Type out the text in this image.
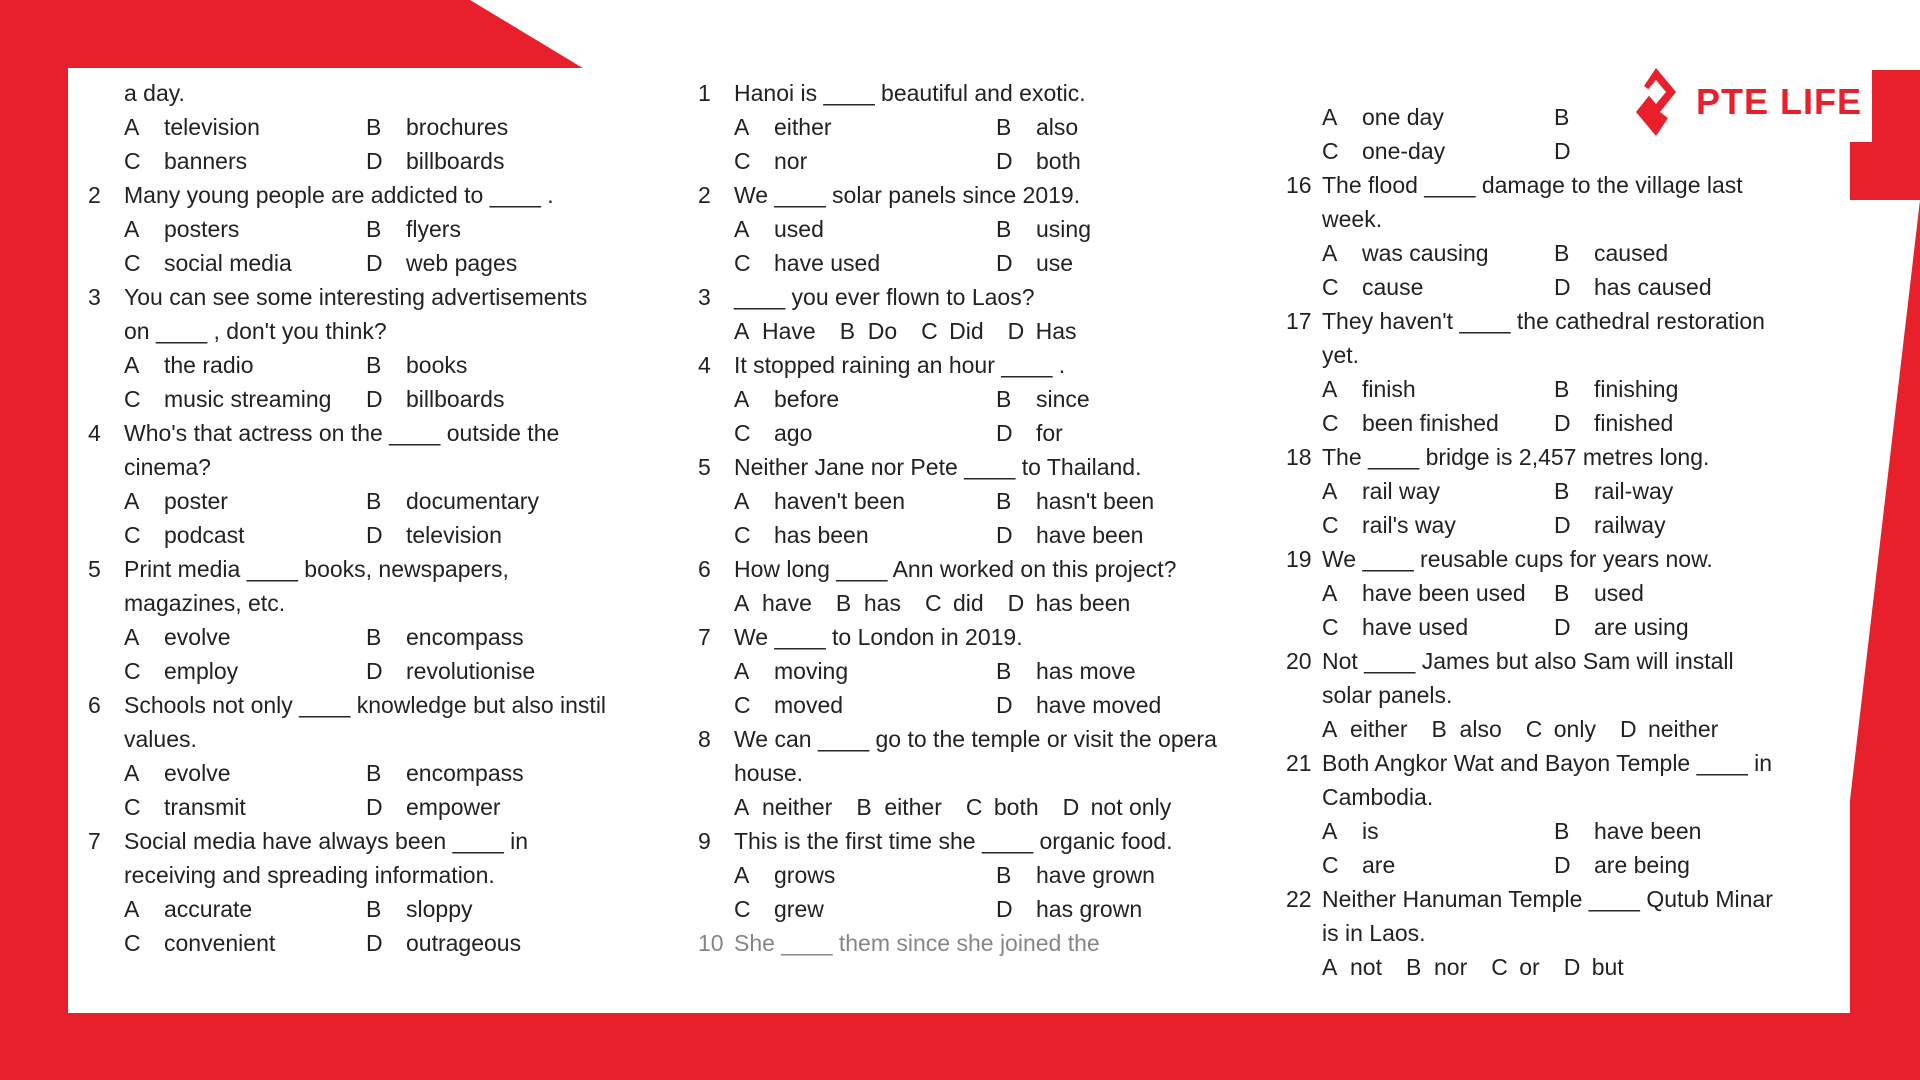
a day.
A television	B brochures
C banners	D billboards
2	Many young people are addicted to ____ .
A posters	B flyers
C social media	D web pages
3	You can see some interesting advertisements on ____ , don't you think?
A the radio	B books
C music streaming	D billboards
4	Who's that actress on the ____ outside the cinema?
A poster	B documentary
C podcast	D television
5	Print media ____ books, newspapers, magazines, etc.
A evolve	B encompass
C employ	D revolutionise
6	Schools not only ____ knowledge but also instil values.
A evolve	B encompass
C transmit	D empower
7	Social media have always been ____ in receiving and spreading information.
A accurate	B sloppy
C convenient	D outrageous
1	Hanoi is ____ beautiful and exotic.
A either	B also
C nor	D both
2	We ____ solar panels since 2019.
A used	B using
C have used	D use
3	____ you ever flown to Laos?
A Have B Do C Did D Has
4	It stopped raining an hour ____ .
A before	B since
C ago	D for
5	Neither Jane nor Pete ____ to Thailand.
A haven't been	B hasn't been
C has been	D have been
6	How long ____ Ann worked on this project?
A have B has C did D has been
7	We ____ to London in 2019.
A moving	B has move
C moved	D have moved
8	We can ____ go to the temple or visit the opera house.
A neither B either C both D not only
9	This is the first time she ____ organic food.
A grows	B have grown
C grew	D has grown
10 She ____ them since she joined the
A one day	B
C one-day	D
16 The flood ____ damage to the village last week.
A was causing	B caused
C cause	D has caused
17 They haven't ____ the cathedral restoration yet.
A finish	B finishing
C been finished	D finished
18 The ____ bridge is 2,457 metres long.
A rail way	B rail-way
C rail's way	D railway
19 We ____ reusable cups for years now.
A have been used	B used
C have used	D are using
20 Not ____ James but also Sam will install solar panels.
A either B also C only D neither
21 Both Angkor Wat and Bayon Temple ____ in Cambodia.
A is	B have been
C are	D are being
22 Neither Hanuman Temple ____ Qutub Minar is in Laos.
A not B nor C or D but
PTE LIFE
